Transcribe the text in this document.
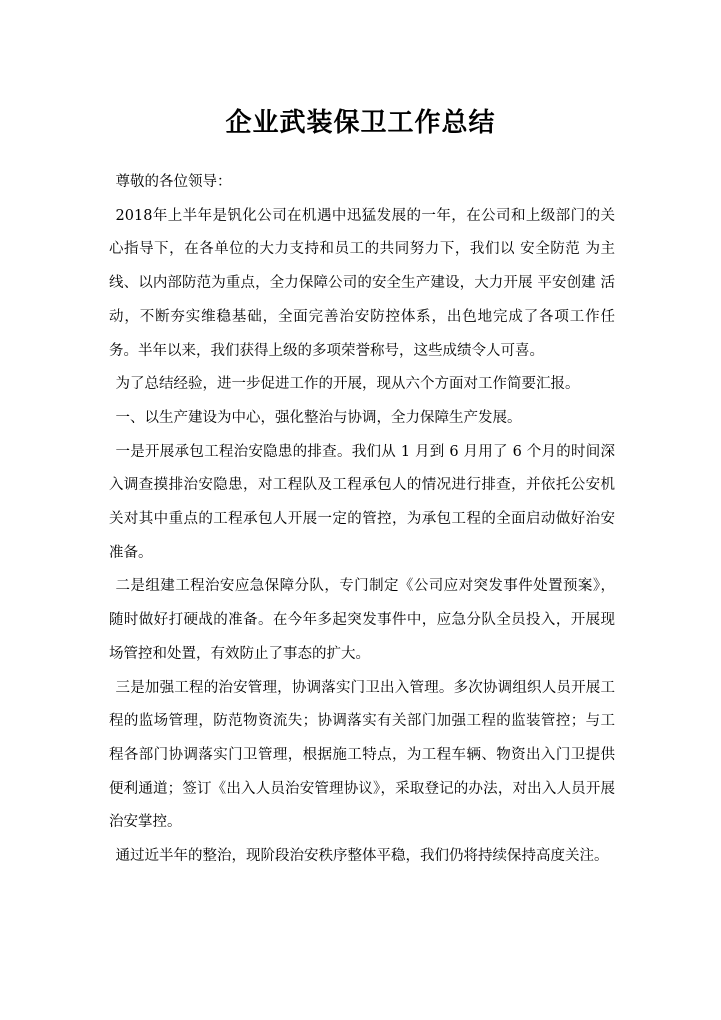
企业武装保卫工作总结

尊敬的各位领导：

2018年上半年是钒化公司在机遇中迅猛发展的一年，在公司和上级部门的关心指导下，在各单位的大力支持和员工的共同努力下，我们以 安全防范 为主线、以内部防范为重点，全力保障公司的安全生产建设，大力开展 平安创建 活动，不断夯实维稳基础，全面完善治安防控体系，出色地完成了各项工作任务。半年以来，我们获得上级的多项荣誉称号，这些成绩令人可喜。

为了总结经验，进一步促进工作的开展，现从六个方面对工作简要汇报。

一、以生产建设为中心，强化整治与协调，全力保障生产发展。

一是开展承包工程治安隐患的排查。我们从 1 月到 6 月用了 6 个月的时间深入调查摸排治安隐患，对工程队及工程承包人的情况进行排查，并依托公安机关对其中重点的工程承包人开展一定的管控，为承包工程的全面启动做好治安准备。

二是组建工程治安应急保障分队，专门制定《公司应对突发事件处置预案》，随时做好打硬战的准备。在今年多起突发事件中，应急分队全员投入，开展现场管控和处置，有效防止了事态的扩大。

三是加强工程的治安管理，协调落实门卫出入管理。多次协调组织人员开展工程的监场管理，防范物资流失；协调落实有关部门加强工程的监装管控；与工程各部门协调落实门卫管理，根据施工特点，为工程车辆、物资出入门卫提供便利通道；签订《出入人员治安管理协议》，采取登记的办法，对出入人员开展治安掌控。

通过近半年的整治，现阶段治安秩序整体平稳，我们仍将持续保持高度关注。
